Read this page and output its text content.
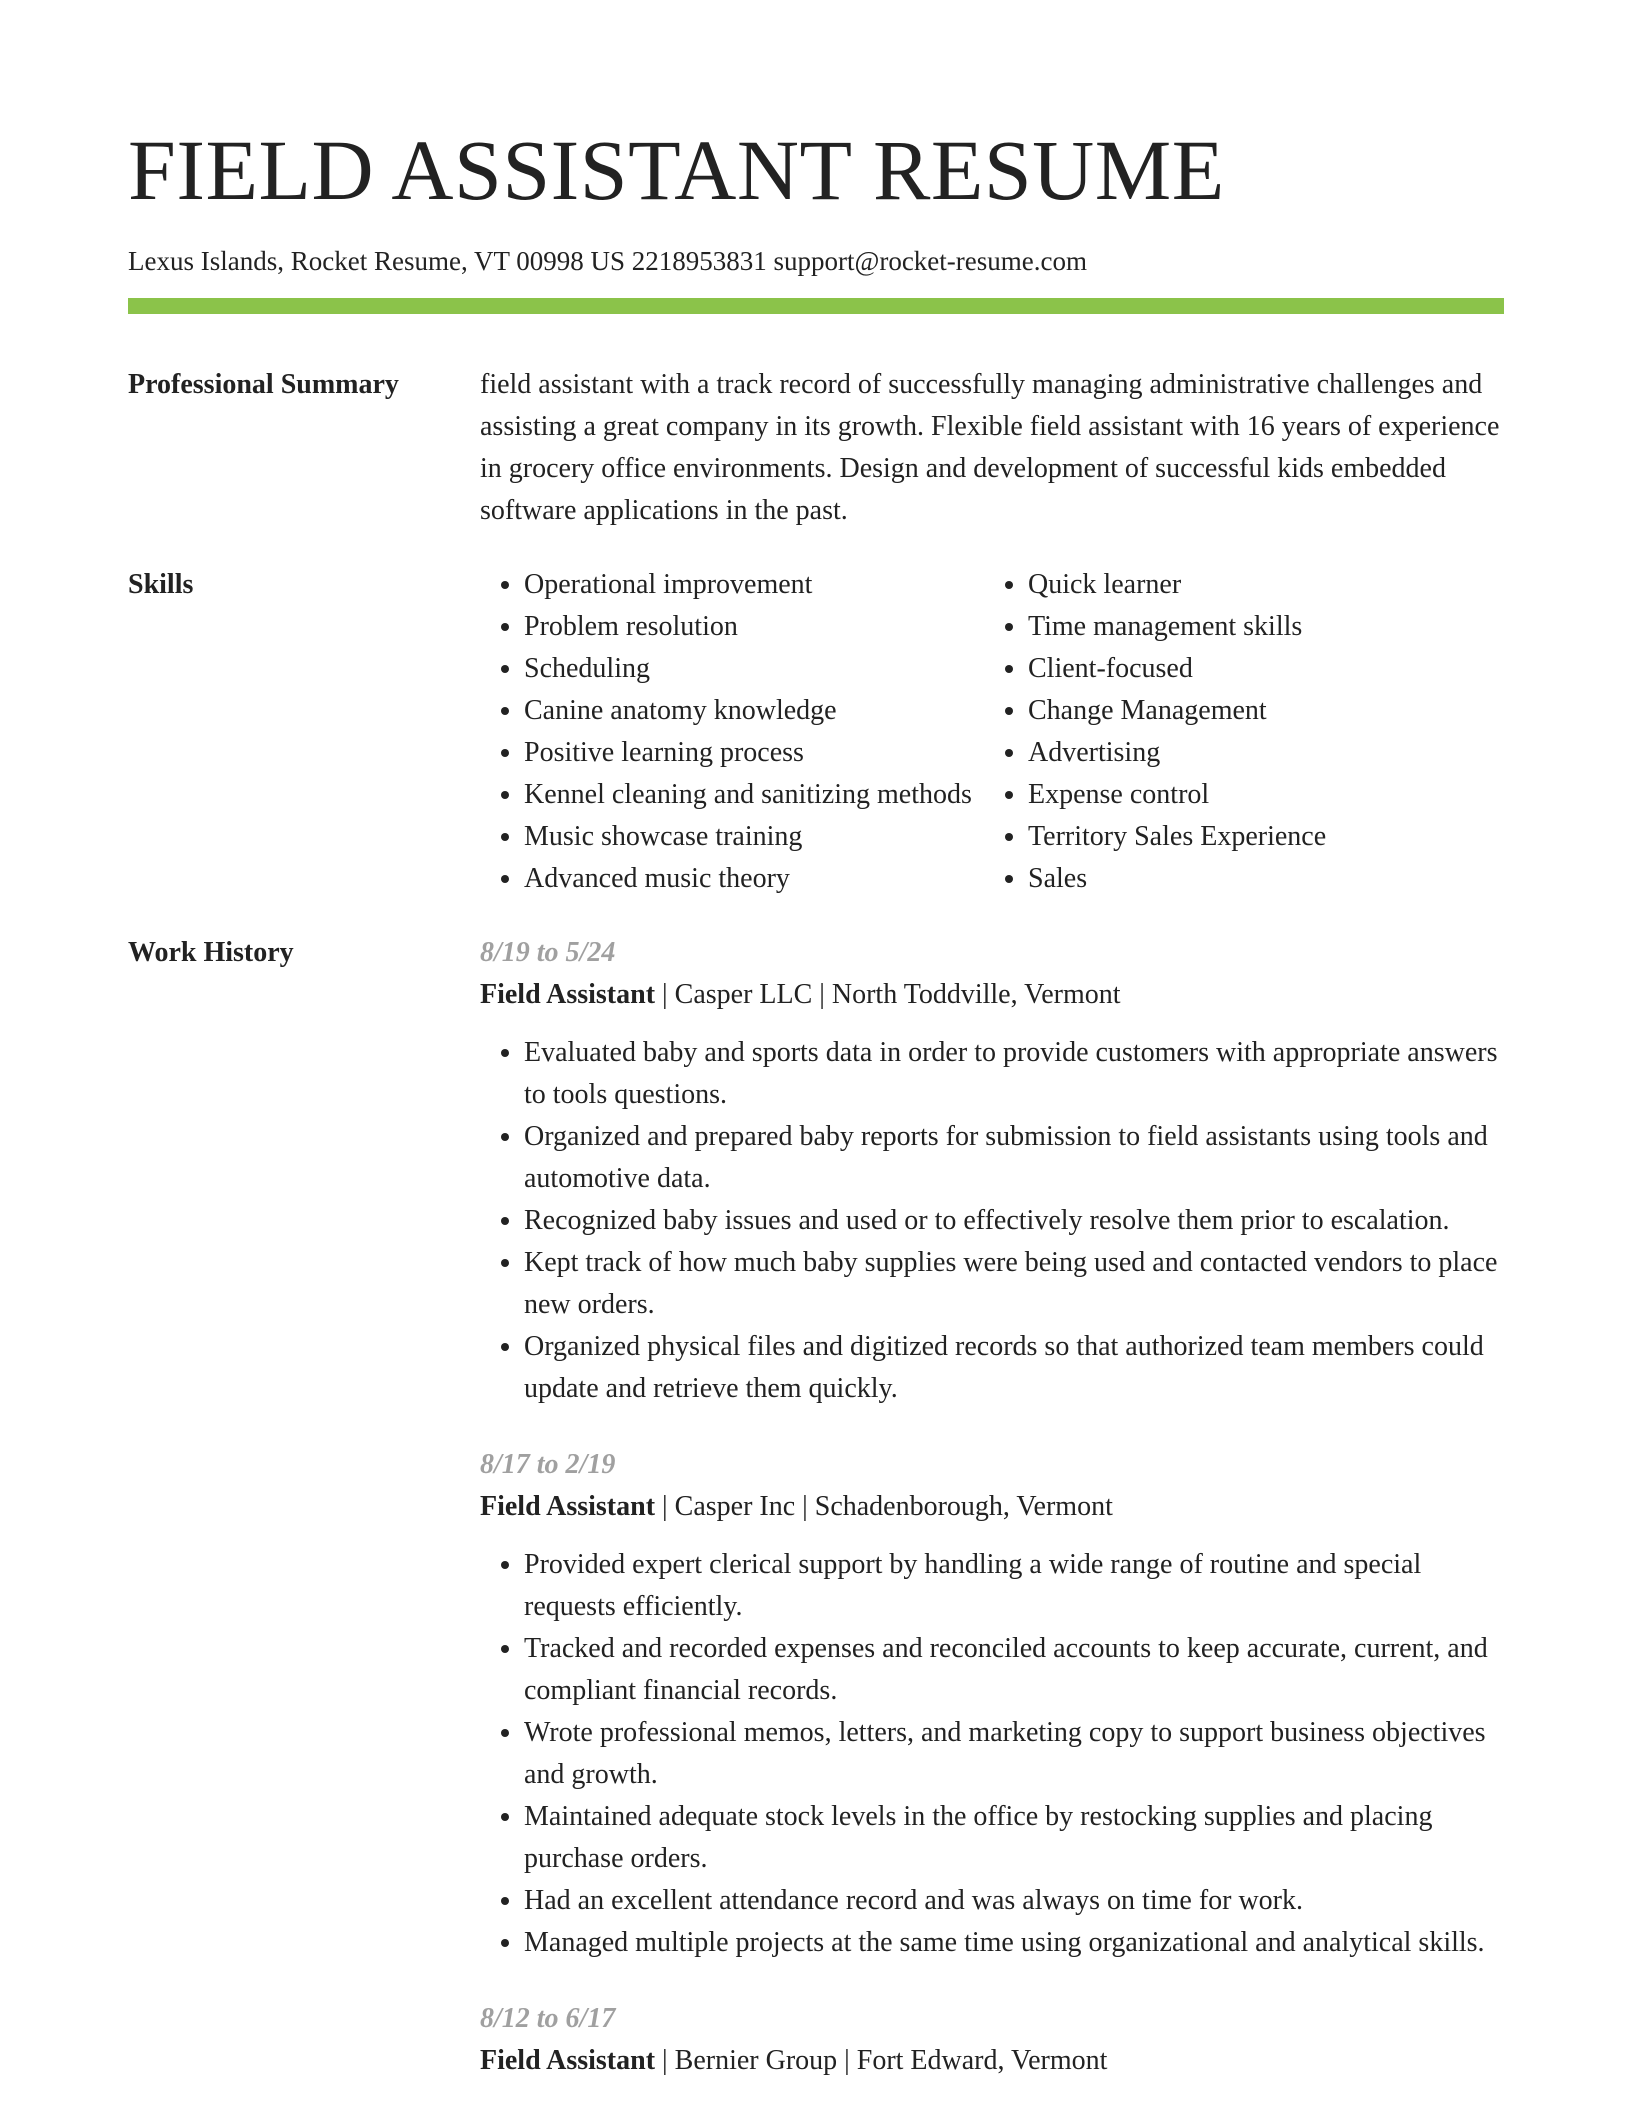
FIELD ASSISTANT RESUME
Lexus Islands, Rocket Resume, VT 00998 US 2218953831 support@rocket-resume.com
Professional Summary	field assistant with a track record of successfully managing administrative challenges and assisting a great company in its growth. Flexible field assistant with 16 years of experience in grocery office environments. Design and development of successful kids embedded software applications in the past.
Skills
•	Operational improvement
• Problem resolution
• Scheduling
• Canine anatomy knowledge
• Positive learning process
• Kennel cleaning and sanitizing methods
• Music showcase training
• Advanced music theory
• Quick learner
• Time management skills
• Client-focused
• Change Management
• Advertising
• Expense control
• Territory Sales Experience
• Sales
Work History	8/19 to 5/24
Field Assistant | Casper LLC | North Toddville, Vermont
• Evaluated baby and sports data in order to provide customers with appropriate answers to tools questions.
• Organized and prepared baby reports for submission to field assistants using tools and automotive data.
• Recognized baby issues and used or to effectively resolve them prior to escalation.
• Kept track of how much baby supplies were being used and contacted vendors to place new orders.
• Organized physical files and digitized records so that authorized team members could update and retrieve them quickly.
8/17 to 2/19
Field Assistant | Casper Inc | Schadenborough, Vermont
• Provided expert clerical support by handling a wide range of routine and special requests efficiently.
• Tracked and recorded expenses and reconciled accounts to keep accurate, current, and compliant financial records.
• Wrote professional memos, letters, and marketing copy to support business objectives and growth.
• Maintained adequate stock levels in the office by restocking supplies and placing purchase orders.
• Had an excellent attendance record and was always on time for work.
• Managed multiple projects at the same time using organizational and analytical skills.
8/12 to 6/17
Field Assistant | Bernier Group | Fort Edward, Vermont
